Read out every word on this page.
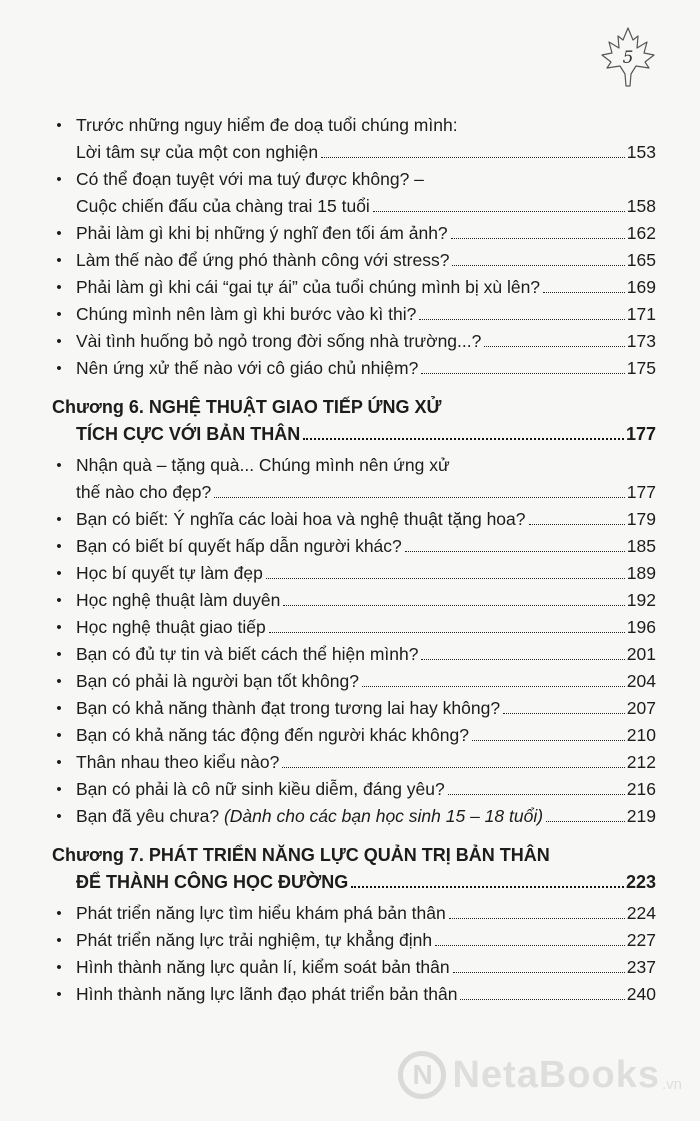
5
• Trước những nguy hiểm đe doạ tuổi chúng mình:
Lời tâm sự của một con nghiện	153
• Có thể đoạn tuyệt với ma tuý được không? –
Cuộc chiến đấu của chàng trai 15 tuổi	158
• Phải làm gì khi bị những ý nghĩ đen tối ám ảnh?	162
• Làm thế nào để ứng phó thành công với stress?	165
• Phải làm gì khi cái “gai tự ái” của tuổi chúng mình bị xù lên?	169
• Chúng mình nên làm gì khi bước vào kì thi?	171
• Vài tình huống bỏ ngỏ trong đời sống nhà trường...?	173
• Nên ứng xử thế nào với cô giáo chủ nhiệm?	175
Chương 6. NGHỆ THUẬT GIAO TIẾP ỨNG XỬ
TÍCH CỰC VỚI BẢN THÂN	177
• Nhận quà – tặng quà... Chúng mình nên ứng xử
thế nào cho đẹp?	177
• Bạn có biết: Ý nghĩa các loài hoa và nghệ thuật tặng hoa?	179
• Bạn có biết bí quyết hấp dẫn người khác?	185
• Học bí quyết tự làm đẹp	189
• Học nghệ thuật làm duyên	192
• Học nghệ thuật giao tiếp	196
• Bạn có đủ tự tin và biết cách thể hiện mình?	201
• Bạn có phải là người bạn tốt không?	204
• Bạn có khả năng thành đạt trong tương lai hay không?	207
• Bạn có khả năng tác động đến người khác không?	210
• Thân nhau theo kiểu nào?	212
• Bạn có phải là cô nữ sinh kiều diễm, đáng yêu?	216
• Bạn đã yêu chưa? (Dành cho các bạn học sinh 15 – 18 tuổi)	219
Chương 7. PHÁT TRIỂN NĂNG LỰC QUẢN TRỊ BẢN THÂN
ĐỂ THÀNH CÔNG HỌC ĐƯỜNG	223
• Phát triển năng lực tìm hiểu khám phá bản thân	224
• Phát triển năng lực trải nghiệm, tự khẳng định	227
• Hình thành năng lực quản lí, kiểm soát bản thân	237
• Hình thành năng lực lãnh đạo phát triển bản thân	240
N NetaBooks .vn
